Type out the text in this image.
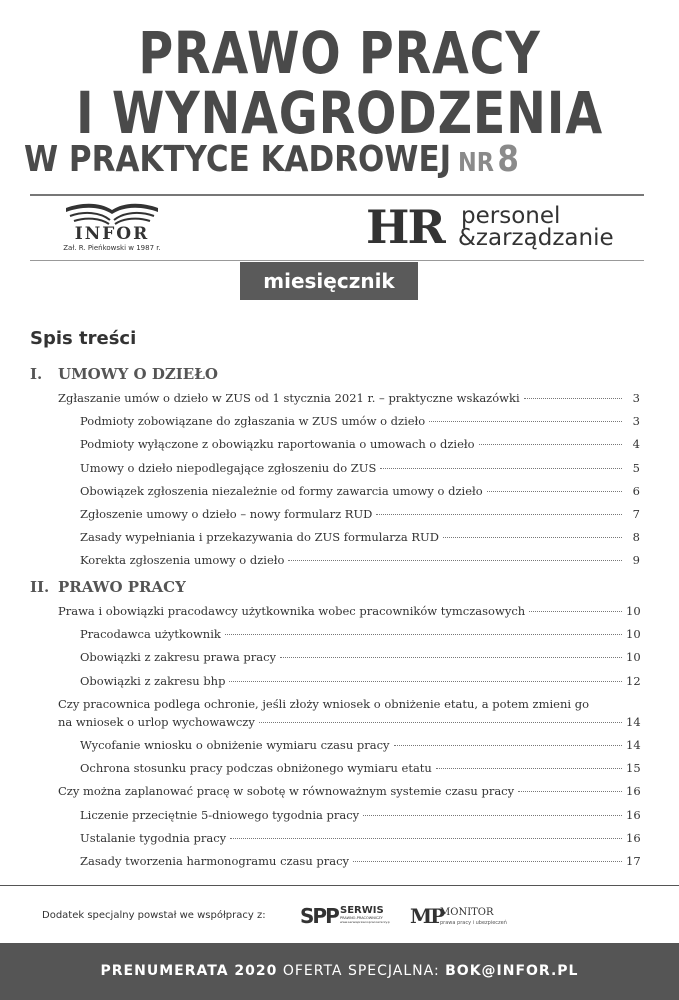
PRAWO PRACY
I WYNAGRODZENIA
W PRAKTYCE KADROWEJ NR8
INFOR
Zał. R. Pieńkowski w 1987 r.	HR personel
&zarządzanie
miesięcznik
Spis treści
I. UMOWY O DZIEŁO
Zgłaszanie umów o dzieło w ZUS od 1 stycznia 2021 r. – praktyczne wskazówki	3
Podmioty zobowiązane do zgłaszania w ZUS umów o dzieło	3
Podmioty wyłączone z obowiązku raportowania o umowach o dzieło	4
Umowy o dzieło niepodlegające zgłoszeniu do ZUS	5
Obowiązek zgłoszenia niezależnie od formy zawarcia umowy o dzieło	6
Zgłoszenie umowy o dzieło – nowy formularz RUD	7
Zasady wypełniania i przekazywania do ZUS formularza RUD	8
Korekta zgłoszenia umowy o dzieło	9
II. PRAWO PRACY
Prawa i obowiązki pracodawcy użytkownika wobec pracowników tymczasowych	10
Pracodawca użytkownik	10
Obowiązki z zakresu prawa pracy	10
Obowiązki z zakresu bhp	12
Czy pracownica podlega ochronie, jeśli złoży wniosek o obniżenie etatu, a potem zmieni go
na wniosek o urlop wychowawczy	14
Wycofanie wniosku o obniżenie wymiaru czasu pracy	14
Ochrona stosunku pracy podczas obniżonego wymiaru etatu	15
Czy można zaplanować pracę w sobotę w równoważnym systemie czasu pracy	16
Liczenie przeciętnie 5-dniowego tygodnia pracy	16
Ustalanie tygodnia pracy	16
Zasady tworzenia harmonogramu czasu pracy	17
Dodatek specjalny powstał we współpracy z: SPP SERWIS
PRAWNO-PRACOWNICZY
www.serwisprawnopracowniczy.pl MP
MONITOR
prawa pracy i ubezpieczeń
PRENUMERATA 2020 OFERTA SPECJALNA: BOK@INFOR.PL
